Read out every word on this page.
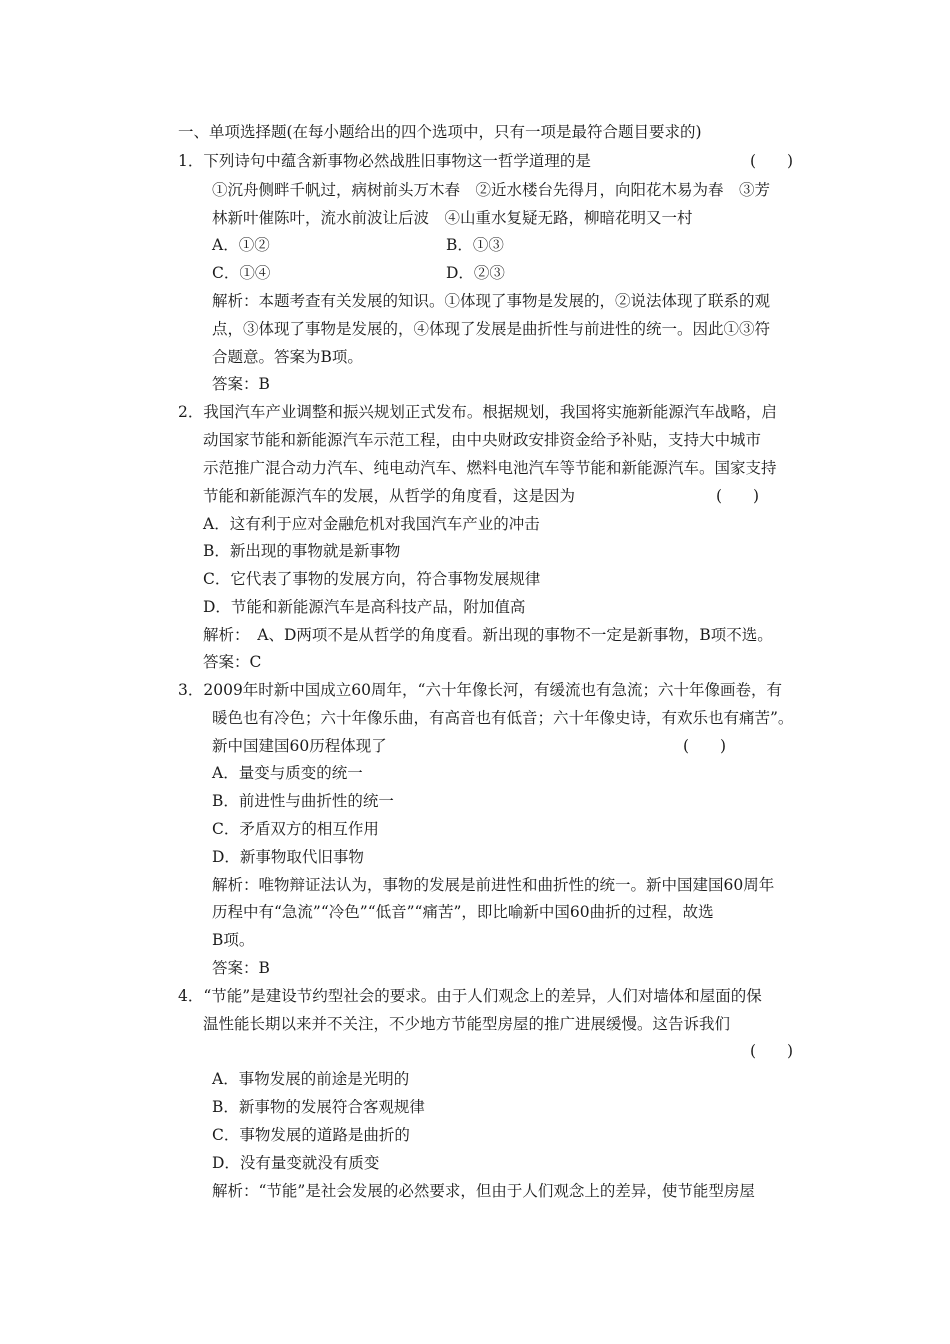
一、单项选择题(在每小题给出的四个选项中，只有一项是最符合题目要求的)
1．下列诗句中蕴含新事物必然战胜旧事物这一哲学道理的是	(　　)
①沉舟侧畔千帆过，病树前头万木春　②近水楼台先得月，向阳花木易为春　③芳
林新叶催陈叶，流水前波让后波　④山重水复疑无路，柳暗花明又一村
A．①②	B．①③
C．①④	D．②③
解析：本题考查有关发展的知识。①体现了事物是发展的，②说法体现了联系的观
点，③体现了事物是发展的，④体现了发展是曲折性与前进性的统一。因此①③符
合题意。答案为B项。
答案：B
2．我国汽车产业调整和振兴规划正式发布。根据规划，我国将实施新能源汽车战略，启
动国家节能和新能源汽车示范工程，由中央财政安排资金给予补贴，支持大中城市
示范推广混合动力汽车、纯电动汽车、燃料电池汽车等节能和新能源汽车。国家支持
节能和新能源汽车的发展，从哲学的角度看，这是因为	(　　)
A．这有利于应对金融危机对我国汽车产业的冲击
B．新出现的事物就是新事物
C．它代表了事物的发展方向，符合事物发展规律
D．节能和新能源汽车是高科技产品，附加值高
解析：　A、D两项不是从哲学的角度看。新出现的事物不一定是新事物，B项不选。
答案：C
3．2009年时新中国成立60周年，“六十年像长河，有缓流也有急流；六十年像画卷，有
暖色也有冷色；六十年像乐曲，有高音也有低音；六十年像史诗，有欢乐也有痛苦”。
新中国建国60历程体现了	(　　)
A．量变与质变的统一
B．前进性与曲折性的统一
C．矛盾双方的相互作用
D．新事物取代旧事物
解析：唯物辩证法认为，事物的发展是前进性和曲折性的统一。新中国建国60周年
历程中有“急流”“冷色”“低音”“痛苦”，即比喻新中国60曲折的过程，故选
B项。
答案：B
4．“节能”是建设节约型社会的要求。由于人们观念上的差异，人们对墙体和屋面的保
温性能长期以来并不关注，不少地方节能型房屋的推广进展缓慢。这告诉我们
(　　)
A．事物发展的前途是光明的
B．新事物的发展符合客观规律
C．事物发展的道路是曲折的
D．没有量变就没有质变
解析：“节能”是社会发展的必然要求，但由于人们观念上的差异，使节能型房屋
